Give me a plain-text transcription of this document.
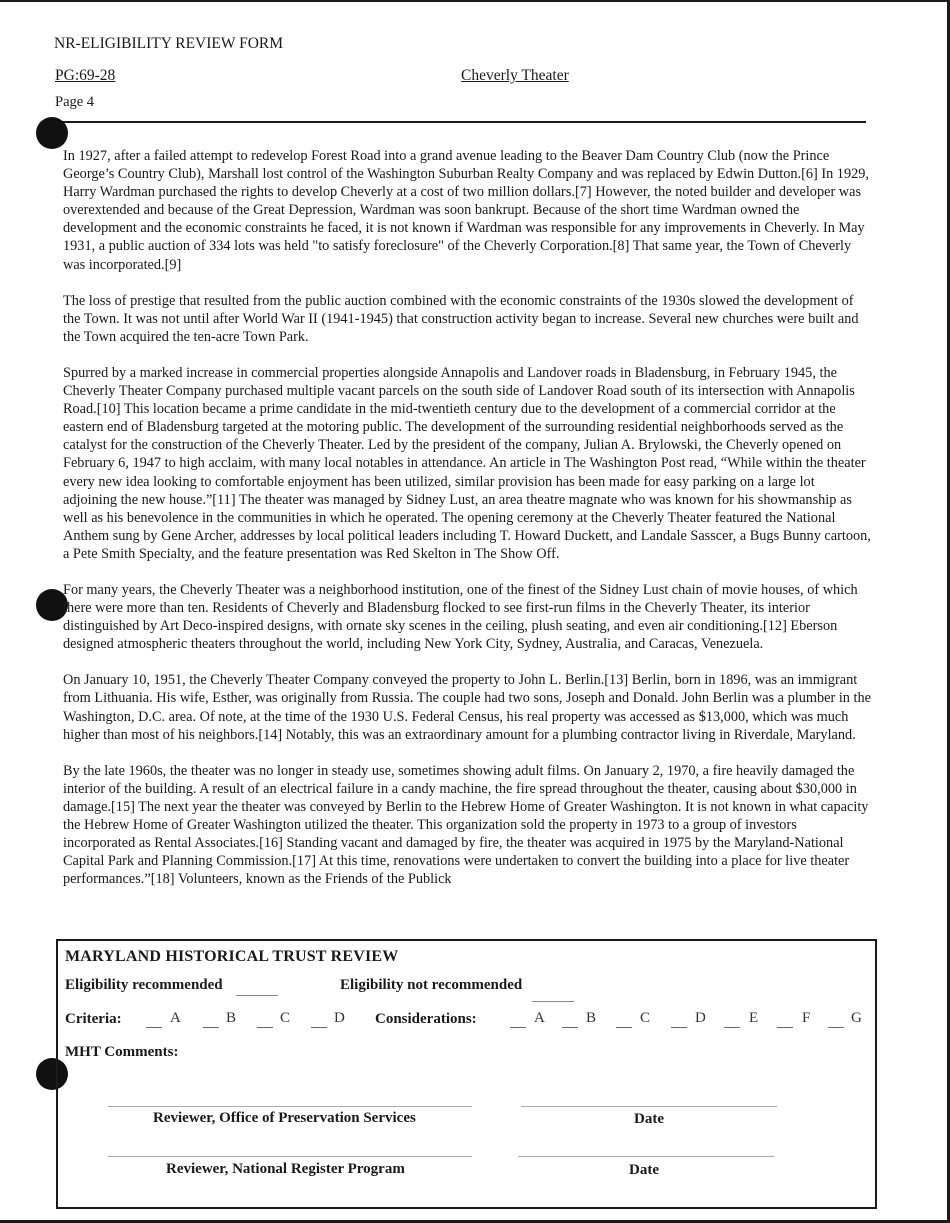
NR-ELIGIBILITY REVIEW FORM
PG:69-28	Cheverly Theater
Page 4

In 1927, after a failed attempt to redevelop Forest Road into a grand avenue leading to the Beaver Dam Country Club (now the Prince George’s Country Club), Marshall lost control of the Washington Suburban Realty Company and was replaced by Edwin Dutton.[6] In 1929, Harry Wardman purchased the rights to develop Cheverly at a cost of two million dollars.[7] However, the noted builder and developer was overextended and because of the Great Depression, Wardman was soon bankrupt. Because of the short time Wardman owned the development and the economic constraints he faced, it is not known if Wardman was responsible for any improvements in Cheverly. In May 1931, a public auction of 334 lots was held "to satisfy foreclosure" of the Cheverly Corporation.[8] That same year, the Town of Cheverly was incorporated.[9]

The loss of prestige that resulted from the public auction combined with the economic constraints of the 1930s slowed the development of the Town. It was not until after World War II (1941-1945) that construction activity began to increase. Several new churches were built and the Town acquired the ten-acre Town Park.

Spurred by a marked increase in commercial properties alongside Annapolis and Landover roads in Bladensburg, in February 1945, the Cheverly Theater Company purchased multiple vacant parcels on the south side of Landover Road south of its intersection with Annapolis Road.[10] This location became a prime candidate in the mid-twentieth century due to the development of a commercial corridor at the eastern end of Bladensburg targeted at the motoring public. The development of the surrounding residential neighborhoods served as the catalyst for the construction of the Cheverly Theater. Led by the president of the company, Julian A. Brylowski, the Cheverly opened on February 6, 1947 to high acclaim, with many local notables in attendance. An article in The Washington Post read, “While within the theater every new idea looking to comfortable enjoyment has been utilized, similar provision has been made for easy parking on a large lot adjoining the new house.”[11] The theater was managed by Sidney Lust, an area theatre magnate who was known for his showmanship as well as his benevolence in the communities in which he operated. The opening ceremony at the Cheverly Theater featured the National Anthem sung by Gene Archer, addresses by local political leaders including T. Howard Duckett, and Landale Sasscer, a Bugs Bunny cartoon, a Pete Smith Specialty, and the feature presentation was Red Skelton in The Show Off.

For many years, the Cheverly Theater was a neighborhood institution, one of the finest of the Sidney Lust chain of movie houses, of which there were more than ten. Residents of Cheverly and Bladensburg flocked to see first-run films in the Cheverly Theater, its interior distinguished by Art Deco-inspired designs, with ornate sky scenes in the ceiling, plush seating, and even air conditioning.[12] Eberson designed atmospheric theaters throughout the world, including New York City, Sydney, Australia, and Caracas, Venezuela.

On January 10, 1951, the Cheverly Theater Company conveyed the property to John L. Berlin.[13] Berlin, born in 1896, was an immigrant from Lithuania. His wife, Esther, was originally from Russia. The couple had two sons, Joseph and Donald. John Berlin was a plumber in the Washington, D.C. area. Of note, at the time of the 1930 U.S. Federal Census, his real property was accessed as $13,000, which was much higher than most of his neighbors.[14] Notably, this was an extraordinary amount for a plumbing contractor living in Riverdale, Maryland.

By the late 1960s, the theater was no longer in steady use, sometimes showing adult films. On January 2, 1970, a fire heavily damaged the interior of the building. A result of an electrical failure in a candy machine, the fire spread throughout the theater, causing about $30,000 in damage.[15] The next year the theater was conveyed by Berlin to the Hebrew Home of Greater Washington. It is not known in what capacity the Hebrew Home of Greater Washington utilized the theater. This organization sold the property in 1973 to a group of investors incorporated as Rental Associates.[16] Standing vacant and damaged by fire, the theater was acquired in 1975 by the Maryland-National Capital Park and Planning Commission.[17] At this time, renovations were undertaken to convert the building into a place for live theater performances.”[18] Volunteers, known as the Friends of the Publick

MARYLAND HISTORICAL TRUST REVIEW
Eligibility recommended	Eligibility not recommended
Criteria:	A	B	C	D Considerations:	A	B	C	D	E	F	G
MHT Comments:
Reviewer, Office of Preservation Services	Date
Reviewer, National Register Program	Date
